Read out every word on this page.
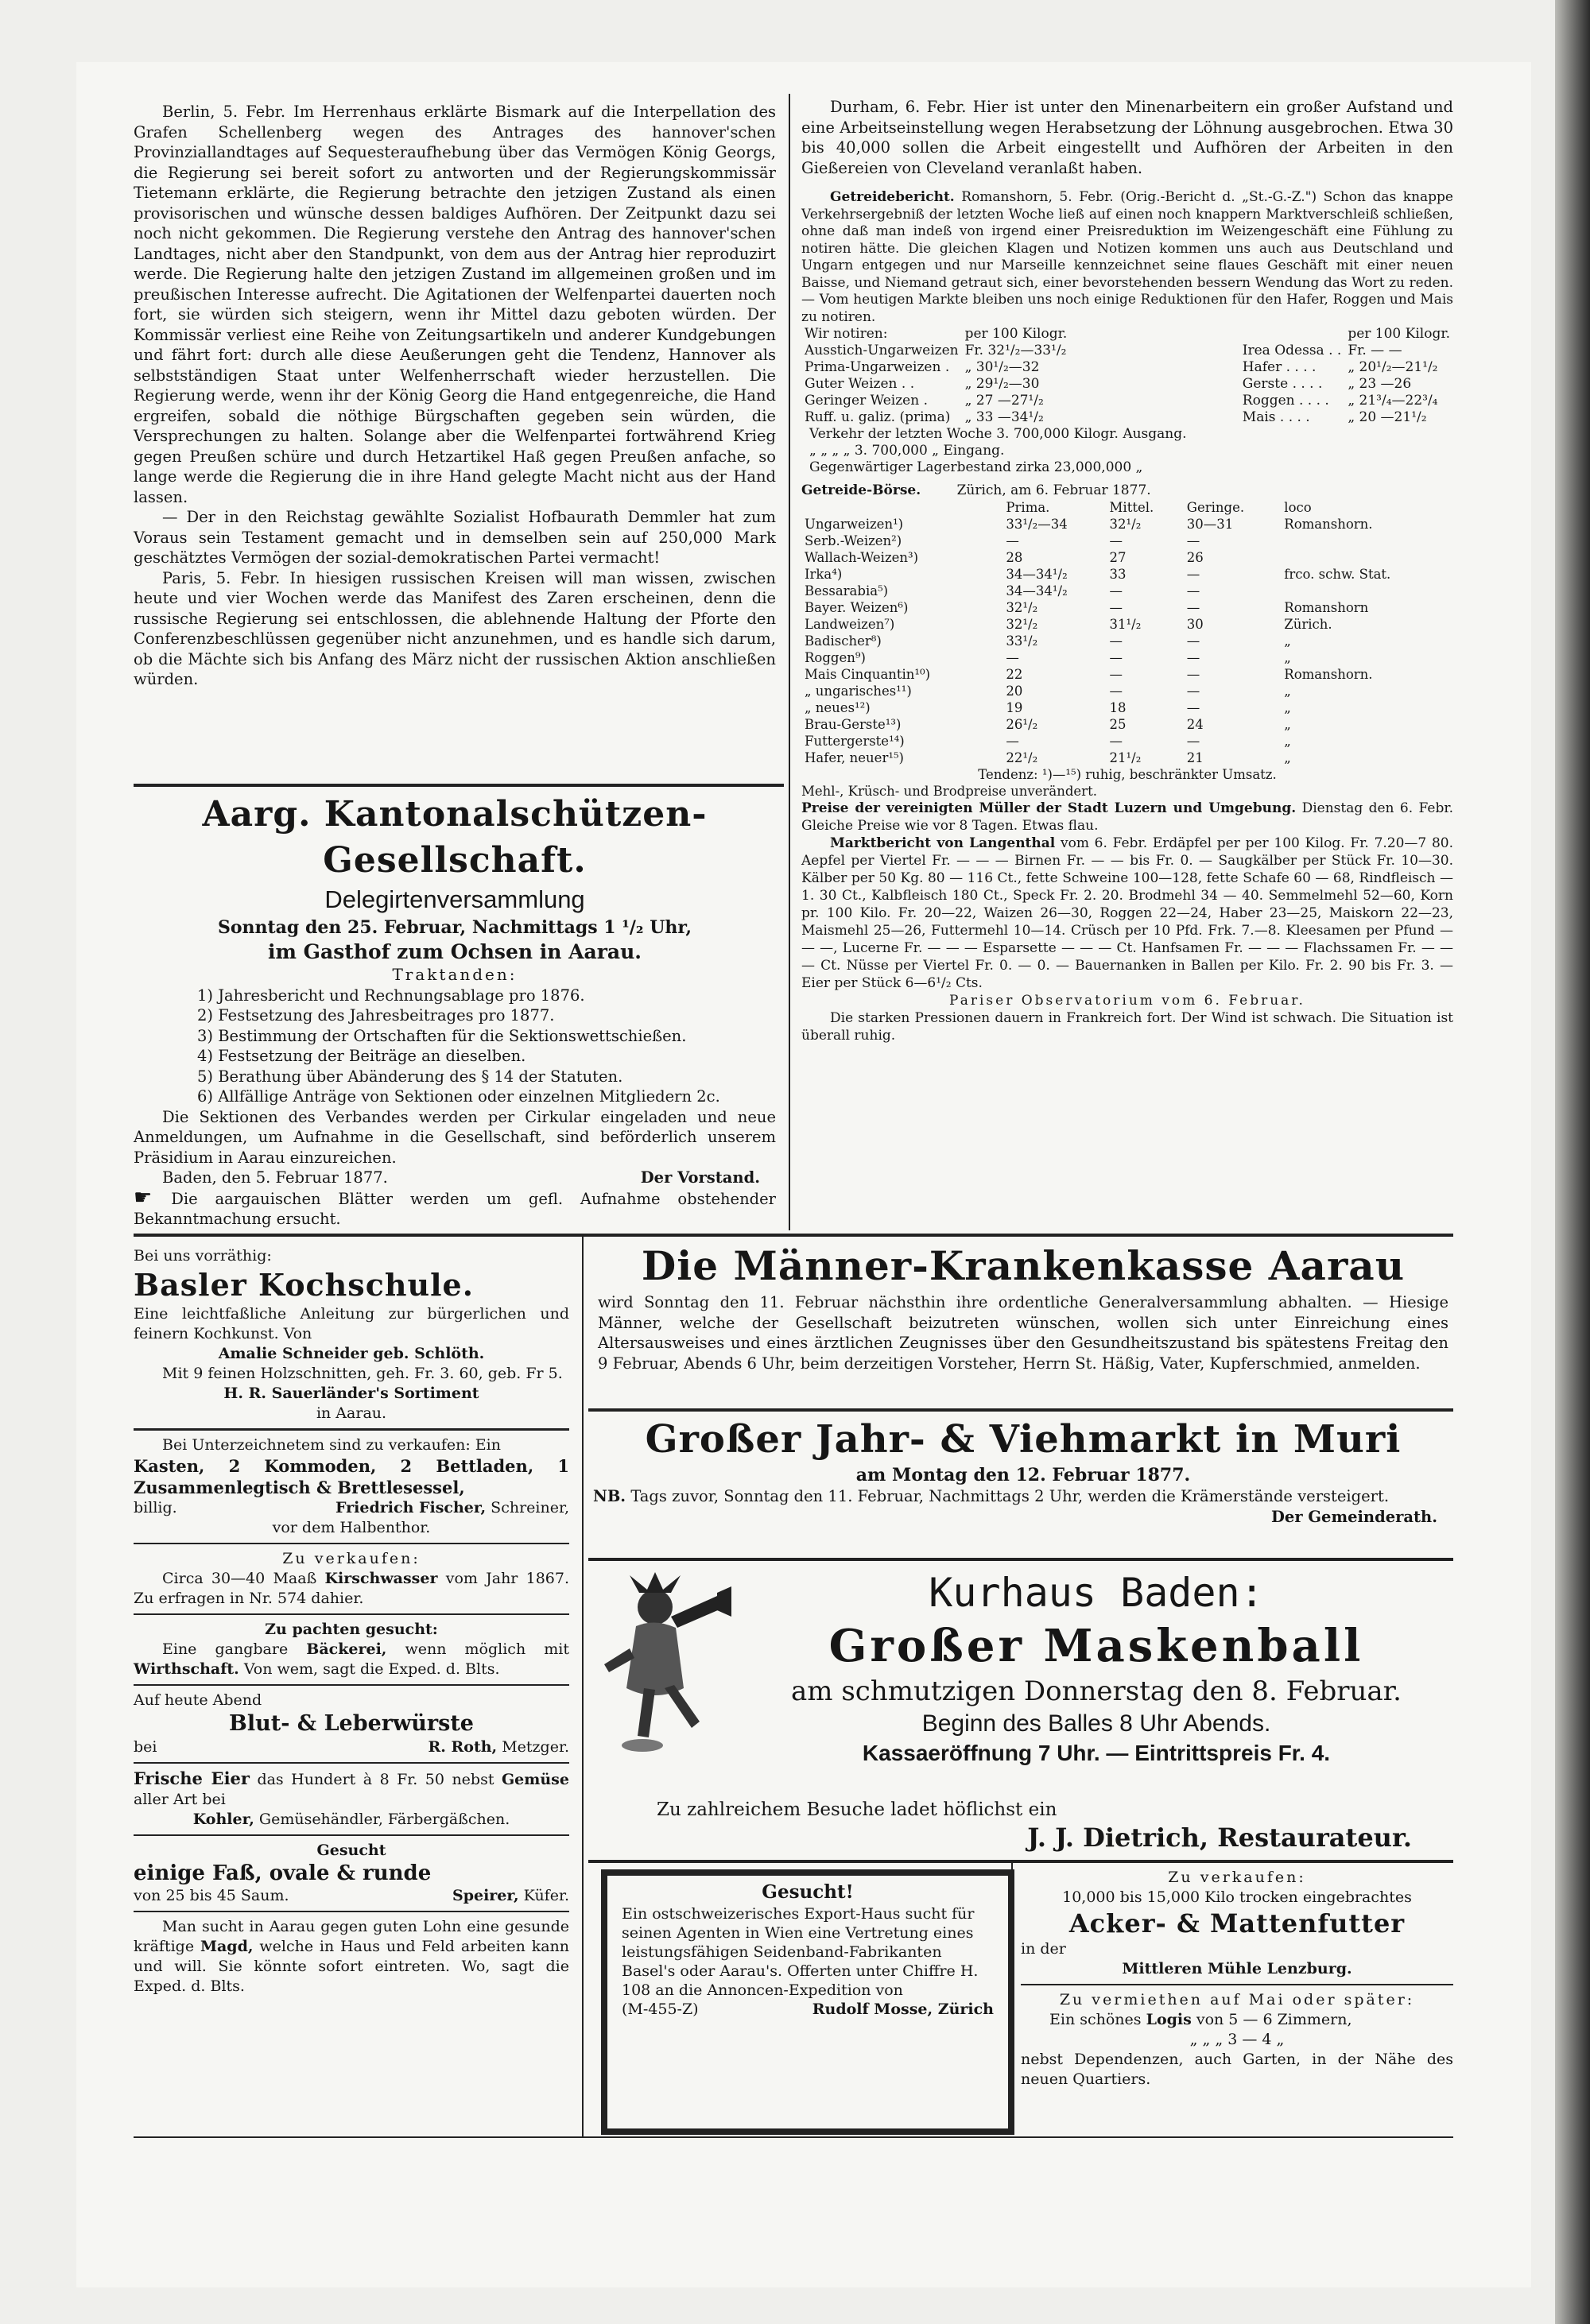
Berlin, 5. Febr. Im Herrenhaus erklärte Bismark auf die Interpellation des Grafen Schellenberg wegen des Antrages des hannover'schen Provinziallandtages auf Sequesteraufhebung über das Vermögen König Georgs, die Regierung sei bereit sofort zu antworten und der Regierungskommissär Tietemann erklärte, die Regierung betrachte den jetzigen Zustand als einen provisorischen und wünsche dessen baldiges Aufhören. Der Zeitpunkt dazu sei noch nicht gekommen. Die Regierung verstehe den Antrag des hannover'schen Landtages, nicht aber den Standpunkt, von dem aus der Antrag hier reproduzirt werde. Die Regierung halte den jetzigen Zustand im allgemeinen großen und im preußischen Interesse aufrecht. Die Agitationen der Welfenpartei dauerten noch fort, sie würden sich steigern, wenn ihr Mittel dazu geboten würden. Der Kommissär verliest eine Reihe von Zeitungsartikeln und anderer Kundgebungen und fährt fort: durch alle diese Aeußerungen geht die Tendenz, Hannover als selbstständigen Staat unter Welfenherrschaft wieder herzustellen. Die Regierung werde, wenn ihr der König Georg die Hand entgegenreiche, die Hand ergreifen, sobald die nöthige Bürgschaften gegeben sein würden, die Versprechungen zu halten. Solange aber die Welfenpartei fortwährend Krieg gegen Preußen schüre und durch Hetzartikel Haß gegen Preußen anfache, so lange werde die Regierung die in ihre Hand gelegte Macht nicht aus der Hand lassen.

— Der in den Reichstag gewählte Sozialist Hofbaurath Demmler hat zum Voraus sein Testament gemacht und in demselben sein auf 250,000 Mark geschätztes Vermögen der sozial-demokratischen Partei vermacht!

Paris, 5. Febr. In hiesigen russischen Kreisen will man wissen, zwischen heute und vier Wochen werde das Manifest des Zaren erscheinen, denn die russische Regierung sei entschlossen, die ablehnende Haltung der Pforte den Conferenzbeschlüssen gegenüber nicht anzunehmen, und es handle sich darum, ob die Mächte sich bis Anfang des März nicht der russischen Aktion anschließen würden.

Aarg. Kantonalschützen-Gesellschaft.
Delegirtenversammlung
Sonntag den 25. Februar, Nachmittags 1 ¹/₂ Uhr,
im Gasthof zum Ochsen in Aarau.
Traktanden:
1) Jahresbericht und Rechnungsablage pro 1876.
2) Festsetzung des Jahresbeitrages pro 1877.
3) Bestimmung der Ortschaften für die Sektionswettschießen.
4) Festsetzung der Beiträge an dieselben.
5) Berathung über Abänderung des § 14 der Statuten.
6) Allfällige Anträge von Sektionen oder einzelnen Mitgliedern 2c.

Die Sektionen des Verbandes werden per Cirkular eingeladen und neue Anmeldungen, um Aufnahme in die Gesellschaft, sind beförderlich unserem Präsidium in Aarau einzureichen.

Baden, den 5. Februar 1877.	Der Vorstand.

☛ Die aargauischen Blätter werden um gefl. Aufnahme obstehender Bekanntmachung ersucht.

Durham, 6. Febr. Hier ist unter den Minenarbeitern ein großer Aufstand und eine Arbeitseinstellung wegen Herabsetzung der Löhnung ausgebrochen. Etwa 30 bis 40,000 sollen die Arbeit eingestellt und Aufhören der Arbeiten in den Gießereien von Cleveland veranlaßt haben.

Getreidebericht. Romanshorn, 5. Febr. (Orig.-Bericht d. „St.-G.-Z.") Schon das knappe Verkehrsergebniß der letzten Woche ließ auf einen noch knappern Marktverschleiß schließen, ohne daß man indeß von irgend einer Preisreduktion im Weizengeschäft eine Fühlung zu notiren hätte. Die gleichen Klagen und Notizen kommen uns auch aus Deutschland und Ungarn entgegen und nur Marseille kennzeichnet seine flaues Geschäft mit einer neuen Baisse, und Niemand getraut sich, einer bevorstehenden bessern Wendung das Wort zu reden. — Vom heutigen Markte bleiben uns noch einige Reduktionen für den Hafer, Roggen und Mais zu notiren.

Wir notiren:	per 100 Kilogr.
Ausstich-Ungarweizen	Fr. 32¹/₂—33¹/₂
Prima-Ungarweizen .	„ 30¹/₂—32
Guter Weizen . .	„ 29¹/₂—30
Geringer Weizen .	„ 27 —27¹/₂
Ruff. u. galiz. (prima)	„ 33 —34¹/₂
	per 100 Kilogr.
Irea Odessa . .	Fr. — —
Hafer . . . .	„ 20¹/₂—21¹/₂
Gerste . . . .	„ 23 —26
Roggen . . . .	„ 21³/₄—22³/₄
Mais . . . .	„ 20 —21¹/₂
Verkehr der letzten Woche 3. 700,000 Kilogr. Ausgang.
„ „ „ „ 3. 700,000 „ Eingang.
Gegenwärtiger Lagerbestand zirka 23,000,000 „
Getreide-Börse.	Zürich, am 6. Februar 1877.
	Prima.	Mittel.	Geringe.	loco
Ungarweizen¹)	33¹/₂—34	32¹/₂	30—31	Romanshorn.
Serb.-Weizen²)	—	—	—	
Wallach-Weizen³)	28	27	26	
Irka⁴)	34—34¹/₂	33	—	frco. schw. Stat.
Bessarabia⁵)	34—34¹/₂	—	—	
Bayer. Weizen⁶)	32¹/₂	—	—	Romanshorn
Landweizen⁷)	32¹/₂	31¹/₂	30	Zürich.
Badischer⁸)	33¹/₂	—	—	„
Roggen⁹)	—	—	—	„
Mais Cinquantin¹⁰)	22	—	—	Romanshorn.
„ ungarisches¹¹)	20	—	—	„
„ neues¹²)	19	18	—	„
Brau-Gerste¹³)	26¹/₂	25	24	„
Futtergerste¹⁴)	—	—	—	„
Hafer, neuer¹⁵)	22¹/₂	21¹/₂	21	„
Tendenz: ¹)—¹⁵) ruhig, beschränkter Umsatz.
Mehl-, Krüsch- und Brodpreise unverändert.

Preise der vereinigten Müller der Stadt Luzern und Umgebung. Dienstag den 6. Febr. Gleiche Preise wie vor 8 Tagen. Etwas flau.

Marktbericht von Langenthal vom 6. Febr. Erdäpfel per per 100 Kilog. Fr. 7.20—7 80. Aepfel per Viertel Fr. — — — Birnen Fr. — — bis Fr. 0. — Saugkälber per Stück Fr. 10—30. Kälber per 50 Kg. 80 — 116 Ct., fette Schweine 100—128, fette Schafe 60 — 68, Rindfleisch — 1. 30 Ct., Kalbfleisch 180 Ct., Speck Fr. 2. 20. Brodmehl 34 — 40. Semmelmehl 52—60, Korn pr. 100 Kilo. Fr. 20—22, Waizen 26—30, Roggen 22—24, Haber 23—25, Maiskorn 22—23, Maismehl 25—26, Futtermehl 10—14. Crüsch per 10 Pfd. Frk. 7.—8. Kleesamen per Pfund — — —, Lucerne Fr. — — — Esparsette — — — Ct. Hanfsamen Fr. — — — Flachssamen Fr. — — — Ct. Nüsse per Viertel Fr. 0. — 0. — Bauernanken in Ballen per Kilo. Fr. 2. 90 bis Fr. 3. — Eier per Stück 6—6¹/₂ Cts.

Pariser Observatorium vom 6. Februar.

Die starken Pressionen dauern in Frankreich fort. Der Wind ist schwach. Die Situation ist überall ruhig.

Bei uns vorräthig:
Basler Kochschule.

Eine leichtfaßliche Anleitung zur bürgerlichen und feinern Kochkunst. Von

Amalie Schneider geb. Schlöth.

Mit 9 feinen Holzschnitten, geh. Fr. 3. 60, geb. Fr 5.

H. R. Sauerländer's Sortiment
in Aarau.
Bei Unterzeichnetem sind zu verkaufen: Ein
Kasten, 2 Kommoden, 2 Bettladen, 1 Zusammenlegtisch & Brettlesessel,
billig.	Friedrich Fischer, Schreiner,
vor dem Halbenthor.
Zu verkaufen:

Circa 30—40 Maaß Kirschwasser vom Jahr 1867. Zu erfragen in Nr. 574 dahier.

Zu pachten gesucht:

Eine gangbare Bäckerei, wenn möglich mit Wirthschaft. Von wem, sagt die Exped. d. Blts.

Auf heute Abend
Blut- & Leberwürste
bei	R. Roth, Metzger.

Frische Eier das Hundert à 8 Fr. 50 nebst Gemüse aller Art bei

Kohler, Gemüsehändler, Färbergäßchen.
Gesucht
einige Faß, ovale & runde
von 25 bis 45 Saum.	Speirer, Küfer.

Man sucht in Aarau gegen guten Lohn eine gesunde kräftige Magd, welche in Haus und Feld arbeiten kann und will. Sie könnte sofort eintreten. Wo, sagt die Exped. d. Blts.

Die Männer-Krankenkasse Aarau

wird Sonntag den 11. Februar nächsthin ihre ordentliche Generalversammlung abhalten. — Hiesige Männer, welche der Gesellschaft beizutreten wünschen, wollen sich unter Einreichung eines Altersausweises und eines ärztlichen Zeugnisses über den Gesundheitszustand bis spätestens Freitag den 9 Februar, Abends 6 Uhr, beim derzeitigen Vorsteher, Herrn St. Häßig, Vater, Kupferschmied, anmelden.

Großer Jahr- & Viehmarkt in Muri
am Montag den 12. Februar 1877.

NB. Tags zuvor, Sonntag den 11. Februar, Nachmittags 2 Uhr, werden die Krämerstände versteigert.

Der Gemeinderath.
Kurhaus Baden:
Großer Maskenball
am schmutzigen Donnerstag den 8. Februar.
Beginn des Balles 8 Uhr Abends.
Kassaeröffnung 7 Uhr. — Eintrittspreis Fr. 4.
Zu zahlreichem Besuche ladet höflichst ein
J. J. Dietrich, Restaurateur.
Gesucht!

Ein ostschweizerisches Export-Haus sucht für seinen Agenten in Wien eine Vertretung eines leistungsfähigen Seidenband-Fabrikanten Basel's oder Aarau's. Offerten unter Chiffre H. 108 an die Annoncen-Expedition von

(M-455-Z)	Rudolf Mosse, Zürich
Zu verkaufen:
10,000 bis 15,000 Kilo trocken eingebrachtes
Acker- & Mattenfutter
in der
Mittleren Mühle Lenzburg.
Zu vermiethen auf Mai oder später:
Ein schönes Logis von 5 — 6 Zimmern,
„ „ „ 3 — 4 „

nebst Dependenzen, auch Garten, in der Nähe des neuen Quartiers.
